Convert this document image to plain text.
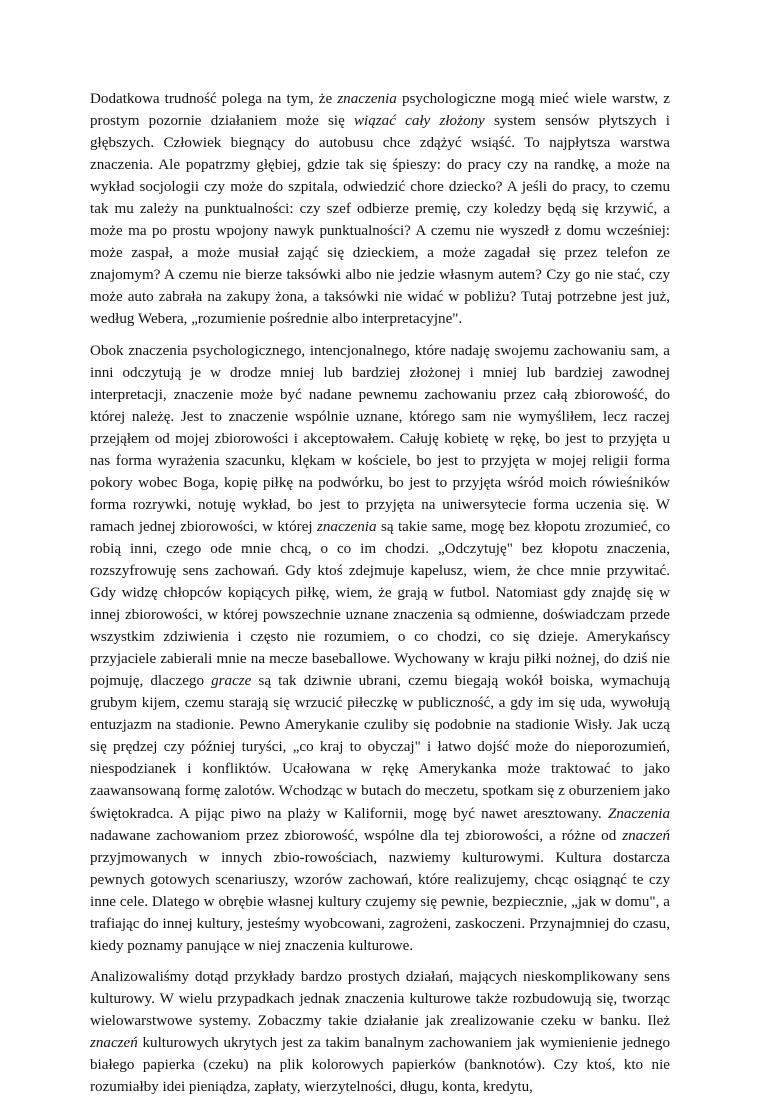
Dodatkowa trudność polega na tym, że znaczenia psychologiczne mogą mieć wiele warstw, z prostym pozornie działaniem może się wiązać cały złożony system sensów płytszych i głębszych. Człowiek biegnący do autobusu chce zdążyć wsiąść. To najpłytsza warstwa znaczenia. Ale popatrzmy głębiej, gdzie tak się śpieszy: do pracy czy na randkę, a może na wykład socjologii czy może do szpitala, odwiedzić chore dziecko? A jeśli do pracy, to czemu tak mu zależy na punktualności: czy szef odbierze premię, czy koledzy będą się krzywić, a może ma po prostu wpojony nawyk punktualności? A czemu nie wyszedł z domu wcześniej: może zaspał, a może musiał zająć się dzieckiem, a może zagadał się przez telefon ze znajomym? A czemu nie bierze taksówki albo nie jedzie własnym autem? Czy go nie stać, czy może auto zabrała na zakupy żona, a taksówki nie widać w pobliżu? Tutaj potrzebne jest już, według Webera, „rozumienie pośrednie albo interpretacyjne".

Obok znaczenia psychologicznego, intencjonalnego, które nadaję swojemu zachowaniu sam, a inni odczytują je w drodze mniej lub bardziej złożonej i mniej lub bardziej zawodnej interpretacji, znaczenie może być nadane pewnemu zachowaniu przez całą zbiorowość, do której należę. Jest to znaczenie wspólnie uznane, którego sam nie wymyśliłem, lecz raczej przejąłem od mojej zbiorowości i akceptowałem. Całuję kobietę w rękę, bo jest to przyjęta u nas forma wyrażenia szacunku, klękam w kościele, bo jest to przyjęta w mojej religii forma pokory wobec Boga, kopię piłkę na podwórku, bo jest to przyjęta wśród moich rówieśników forma rozrywki, notuję wykład, bo jest to przyjęta na uniwersytecie forma uczenia się. W ramach jednej zbiorowości, w której znaczenia są takie same, mogę bez kłopotu zrozumieć, co robią inni, czego ode mnie chcą, o co im chodzi. „Odczytuję" bez kłopotu znaczenia, rozszyfrowuję sens zachowań. Gdy ktoś zdejmuje kapelusz, wiem, że chce mnie przywitać. Gdy widzę chłopców kopiących piłkę, wiem, że grają w futbol. Natomiast gdy znajdę się w innej zbiorowości, w której powszechnie uznane znaczenia są odmienne, doświadczam przede wszystkim zdziwienia i często nie rozumiem, o co chodzi, co się dzieje. Amerykańscy przyjaciele zabierali mnie na mecze baseballowe. Wychowany w kraju piłki nożnej, do dziś nie pojmuję, dlaczego gracze są tak dziwnie ubrani, czemu biegają wokół boiska, wymachują grubym kijem, czemu starają się wrzucić piłeczkę w publiczność, a gdy im się uda, wywołują entuzjazm na stadionie. Pewno Amerykanie czuliby się podobnie na stadionie Wisły. Jak uczą się prędzej czy później turyści, „co kraj to obyczaj" i łatwo dojść może do nieporozumień, niespodzianek i konfliktów. Ucałowana w rękę Amerykanka może traktować to jako zaawansowaną formę zalotów. Wchodząc w butach do meczetu, spotkam się z oburzeniem jako świętokradca. A pijąc piwo na plaży w Kalifornii, mogę być nawet aresztowany. Znaczenia nadawane zachowaniom przez zbiorowość, wspólne dla tej zbiorowości, a różne od znaczeń przyjmowanych w innych zbio-rowościach, nazwiemy kulturowymi. Kultura dostarcza pewnych gotowych scenariuszy, wzorów zachowań, które realizujemy, chcąc osiągnąć te czy inne cele. Dlatego w obrębie własnej kultury czujemy się pewnie, bezpiecznie, „jak w domu", a trafiając do innej kultury, jesteśmy wyobcowani, zagrożeni, zaskoczeni. Przynajmniej do czasu, kiedy poznamy panujące w niej znaczenia kulturowe.

Analizowaliśmy dotąd przykłady bardzo prostych działań, mających nieskomplikowany sens kulturowy. W wielu przypadkach jednak znaczenia kulturowe także rozbudowują się, tworząc wielowarstwowe systemy. Zobaczmy takie działanie jak zrealizowanie czeku w banku. Ileż znaczeń kulturowych ukrytych jest za takim banalnym zachowaniem jak wymienienie jednego białego papierka (czeku) na plik kolorowych papierków (banknotów). Czy ktoś, kto nie rozumiałby idei pieniądza, zapłaty, wierzytelności, długu, konta, kredytu,
